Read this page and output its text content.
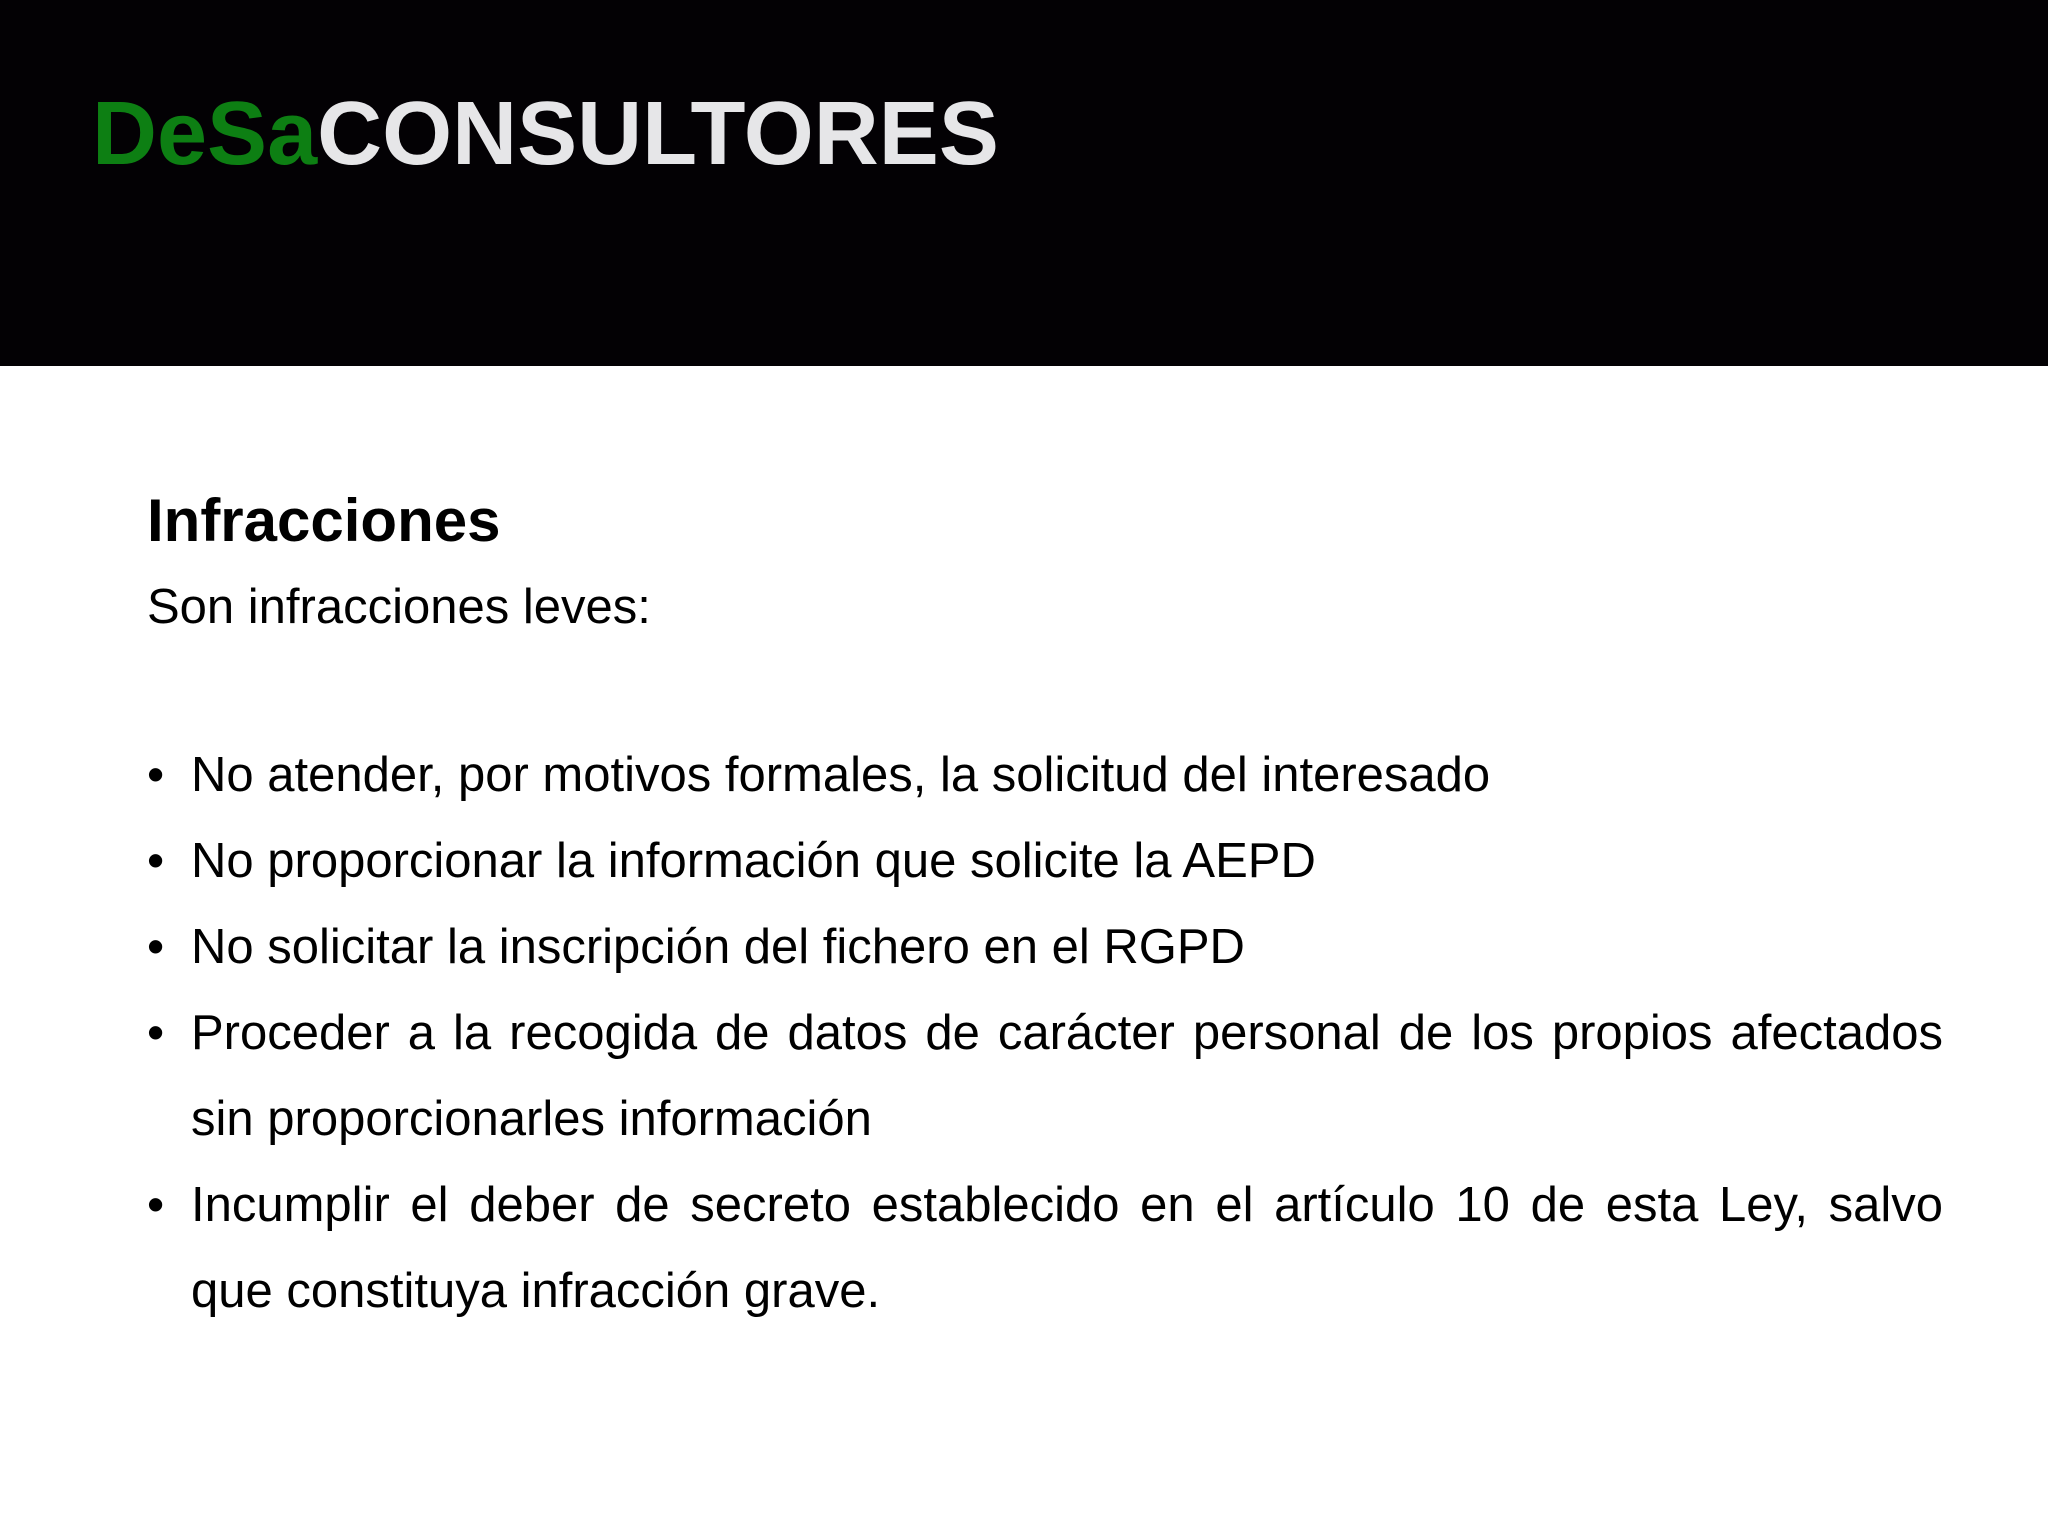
DeSaCONSULTORES
Infracciones

Son infracciones leves:

• No atender, por motivos formales, la solicitud del interesado
• No proporcionar la información que solicite la AEPD
• No solicitar la inscripción del fichero en el RGPD
• Proceder a la recogida de datos de carácter personal de los propios afectados sin proporcionarles información
• Incumplir el deber de secreto establecido en el artículo 10 de esta Ley, salvo que constituya infracción grave.
